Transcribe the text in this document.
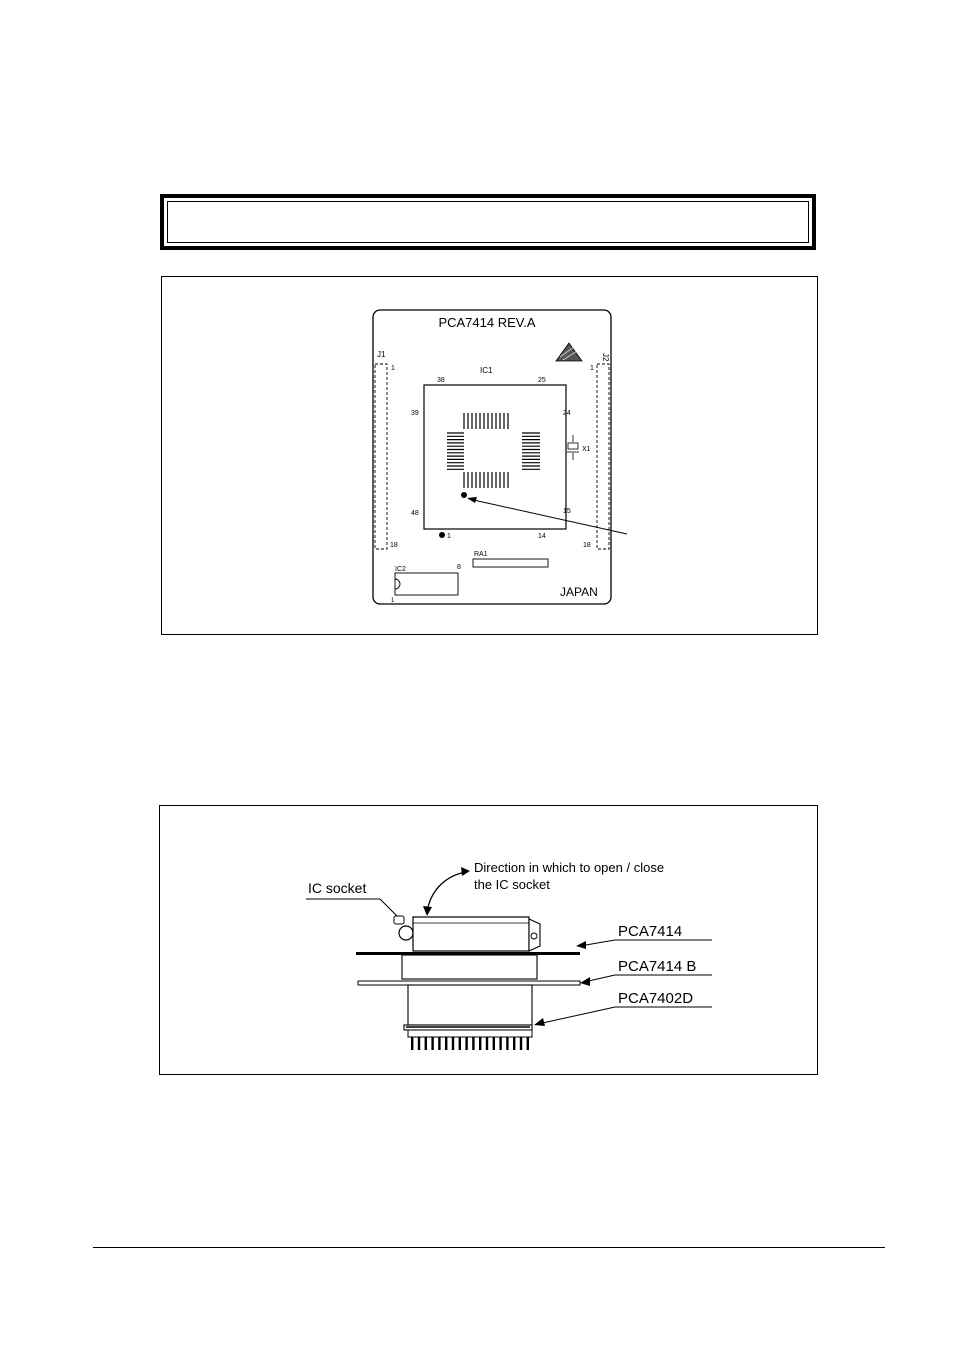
PCA7414 REV.A
J1
1
18
J2
1
18
IC1
38	25
39	24
48	15
1	14
X1
RA1
IC2	8
1
JAPAN
Direction in which to open / close
the IC socket
IC socket
PCA7414
PCA7414 B
PCA7402D
